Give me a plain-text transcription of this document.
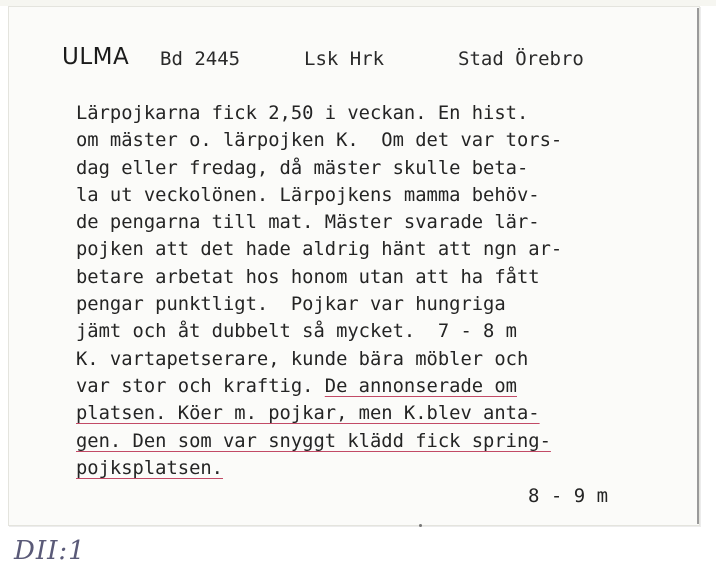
ULMA Bd 2445	Lsk Hrk	Stad Örebro
Lärpojkarna fick 2,50 i veckan. En hist.
om mäster o. lärpojken K.  Om det var tors-
dag eller fredag, då mäster skulle beta-
la ut veckolönen. Lärpojkens mamma behöv-
de pengarna till mat. Mäster svarade lär-
pojken att det hade aldrig hänt att ngn ar-
betare arbetat hos honom utan att ha fått
pengar punktligt.  Pojkar var hungriga
jämt och åt dubbelt så mycket.  7 - 8 m
K. vartapetserare, kunde bära möbler och
var stor och kraftig. De annonserade om
platsen. Köer m. pojkar, men K.blev anta-
gen. Den som var snyggt klädd fick spring-
pojksplatsen.
8 - 9 m
DII:1
